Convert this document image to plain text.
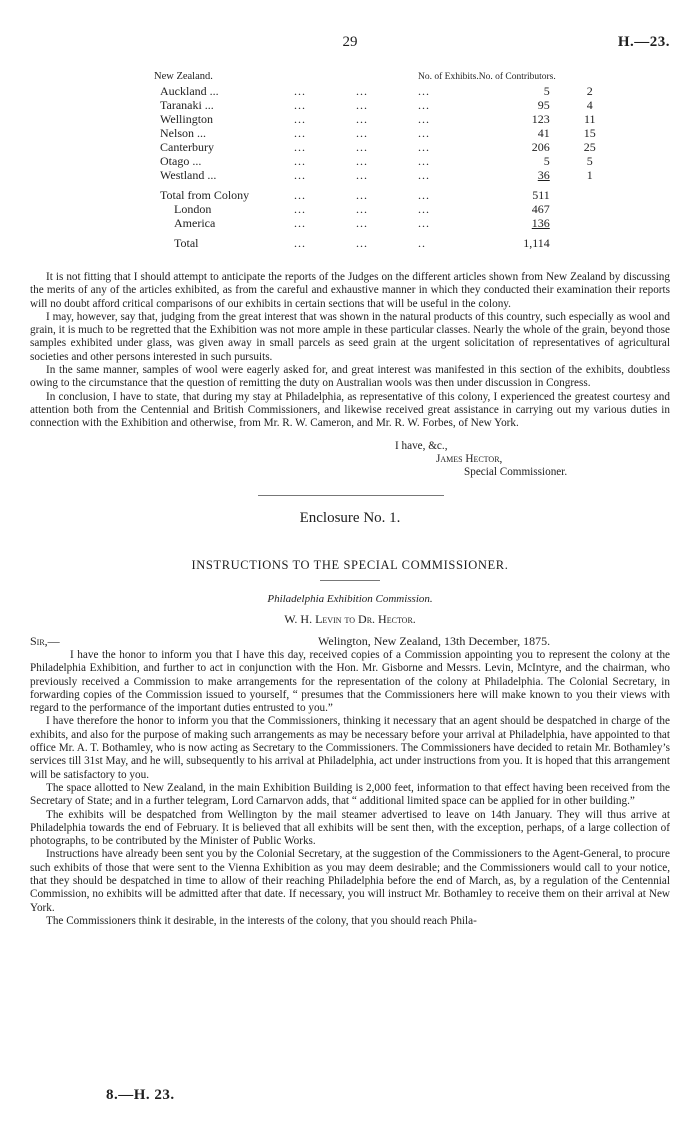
29	H.—23.
New Zealand.			No. of Exhibits.	No. of Contributors.	
Auckland ...	...	...	...	5	2
Taranaki ...	...	...	...	95	4
Wellington	...	...	...	123	11
Nelson ...	...	...	...	41	15
Canterbury	...	...	...	206	25
Otago ...	...	...	...	5	5
Westland ...	...	...	...	36	1

Total from Colony	...	...	...	511	
London	...	...	...	467	
America	...	...	...	136	

Total	...	...	..	1,114	

It is not fitting that I should attempt to anticipate the reports of the Judges on the different articles shown from New Zealand by discussing the merits of any of the articles exhibited, as from the careful and exhaustive manner in which they conducted their examination their reports will no doubt afford critical comparisons of our exhibits in certain sections that will be useful in the colony.

I may, however, say that, judging from the great interest that was shown in the natural products of this country, such especially as wool and grain, it is much to be regretted that the Exhibition was not more ample in these particular classes. Nearly the whole of the grain, beyond those samples exhibited under glass, was given away in small parcels as seed grain at the urgent solicitation of representatives of agricultural societies and other persons interested in such pursuits.

In the same manner, samples of wool were eagerly asked for, and great interest was manifested in this section of the exhibits, doubtless owing to the circumstance that the question of remitting the duty on Australian wools was then under discussion in Congress.

In conclusion, I have to state, that during my stay at Philadelphia, as representative of this colony, I experienced the greatest courtesy and attention both from the Centennial and British Commissioners, and likewise received great assistance in carrying out my various duties in connection with the Exhibition and otherwise, from Mr. R. W. Cameron, and Mr. R. W. Forbes, of New York.

I have, &c.,
James Hector,
Special Commissioner.
Enclosure No. 1.
INSTRUCTIONS TO THE SPECIAL COMMISSIONER.
Philadelphia Exhibition Commission.
W. H. Levin to Dr. Hector.
Sir,—	Welington, New Zealand, 13th December, 1875.

I have the honor to inform you that I have this day, received copies of a Commission appointing you to represent the colony at the Philadelphia Exhibition, and further to act in conjunction with the Hon. Mr. Gisborne and Messrs. Levin, McIntyre, and the chairman, who previously received a Commission to make arrangements for the representation of the colony at Philadelphia. The Colonial Secretary, in forwarding copies of the Commission issued to yourself, “ presumes that the Commissioners here will make known to you their views with regard to the performance of the important duties entrusted to you.”

I have therefore the honor to inform you that the Commissioners, thinking it necessary that an agent should be despatched in charge of the exhibits, and also for the purpose of making such arrangements as may be necessary before your arrival at Philadelphia, have appointed to that office Mr. A. T. Bothamley, who is now acting as Secretary to the Commissioners. The Commissioners have decided to retain Mr. Bothamley’s services till 31st May, and he will, subsequently to his arrival at Philadelphia, act under instructions from you. It is hoped that this arrangement will be satisfactory to you.

The space allotted to New Zealand, in the main Exhibition Building is 2,000 feet, information to that effect having been received from the Secretary of State; and in a further telegram, Lord Carnarvon adds, that “ additional limited space can be applied for in other building.”

The exhibits will be despatched from Wellington by the mail steamer advertised to leave on 14th January. They will thus arrive at Philadelphia towards the end of February. It is believed that all exhibits will be sent then, with the exception, perhaps, of a large collection of photographs, to be contributed by the Minister of Public Works.

Instructions have already been sent you by the Colonial Secretary, at the suggestion of the Commissioners to the Agent-General, to procure such exhibits of those that were sent to the Vienna Exhibition as you may deem desirable; and the Commissioners would call to your notice, that they should be despatched in time to allow of their reaching Philadelphia before the end of March, as, by a regulation of the Centennial Commission, no exhibits will be admitted after that date. If necessary, you will instruct Mr. Bothamley to receive them on their arrival at New York.

The Commissioners think it desirable, in the interests of the colony, that you should reach Phila-

8.—H. 23.
